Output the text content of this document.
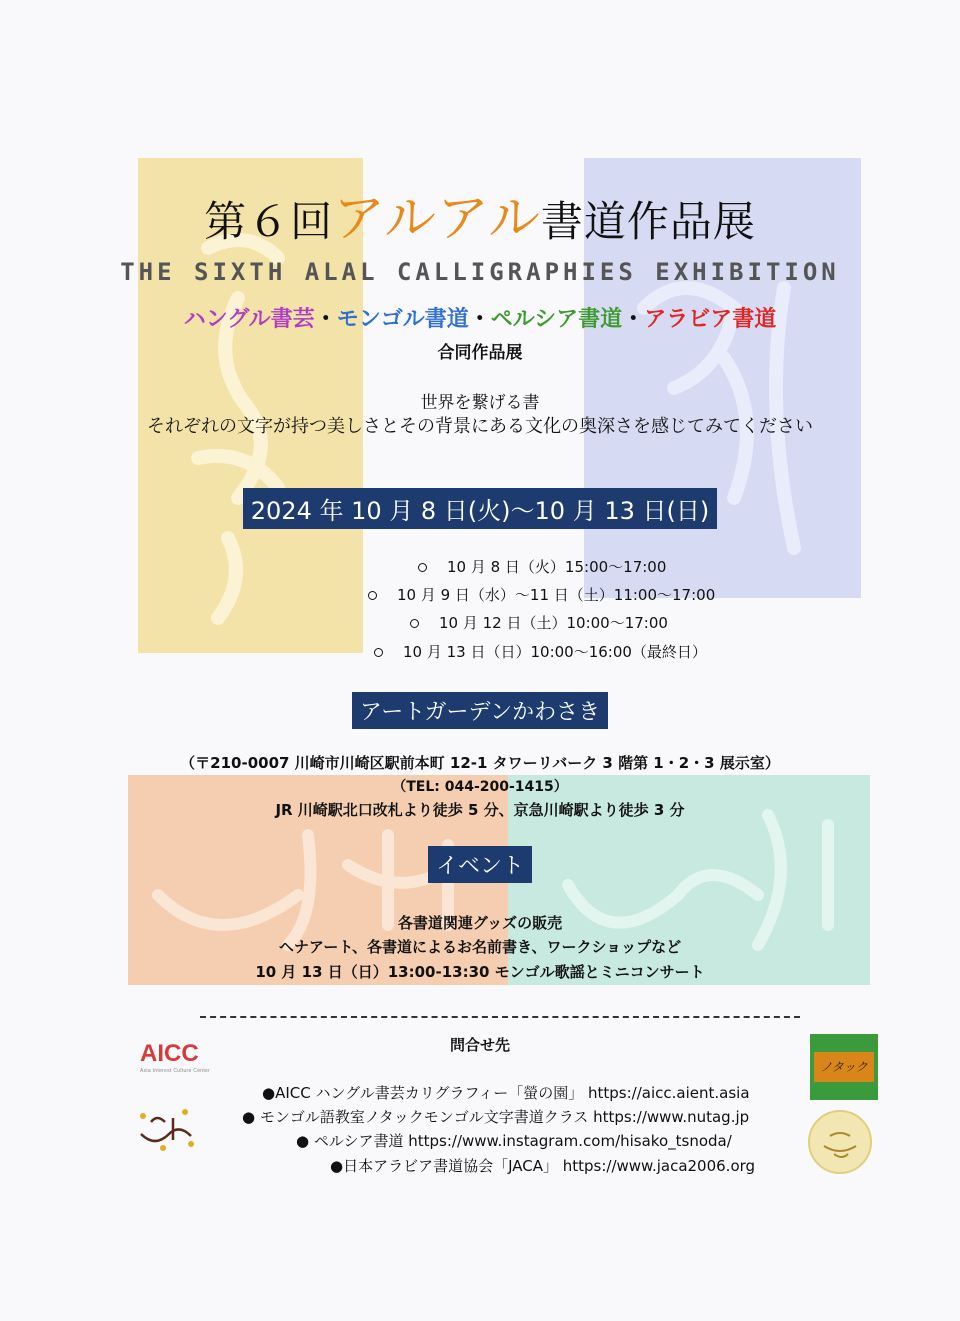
第６回アルアル書道作品展
THE SIXTH ALAL CALLIGRAPHIES EXHIBITION
ハングル書芸・モンゴル書道・ペルシア書道・アラビア書道
合同作品展
世界を繋げる書
それぞれの文字が持つ美しさとその背景にある文化の奥深さを感じてみてください
2024 年 10 月 8 日(火)～10 月 13 日(日)
10 月 8 日（火）15:00～17:00
10 月 9 日（水）～11 日（土）11:00～17:00
10 月 12 日（土）10:00～17:00
10 月 13 日（日）10:00～16:00（最終日）
アートガーデンかわさき
（〒210-0007 川崎市川崎区駅前本町 12-1 タワーリバーク 3 階第 1・2・3 展示室）
（TEL: 044-200-1415）
JR 川崎駅北口改札より徒歩 5 分、京急川崎駅より徒歩 3 分
イベント
各書道関連グッズの販売
ヘナアート、各書道によるお名前書き、ワークショップなど
10 月 13 日（日）13:00-13:30 モンゴル歌謡とミニコンサート
問合せ先
●AICC ハングル書芸カリグラフィー「螢の園」 https://aicc.aient.asia
● モンゴル語教室ノタックモンゴル文字書道クラス https://www.nutag.jp
● ペルシア書道 https://www.instagram.com/hisako_tsnoda/
●日本アラビア書道協会「JACA」 https://www.jaca2006.org
AICC
Asia Interest Culture Center	ノタック
